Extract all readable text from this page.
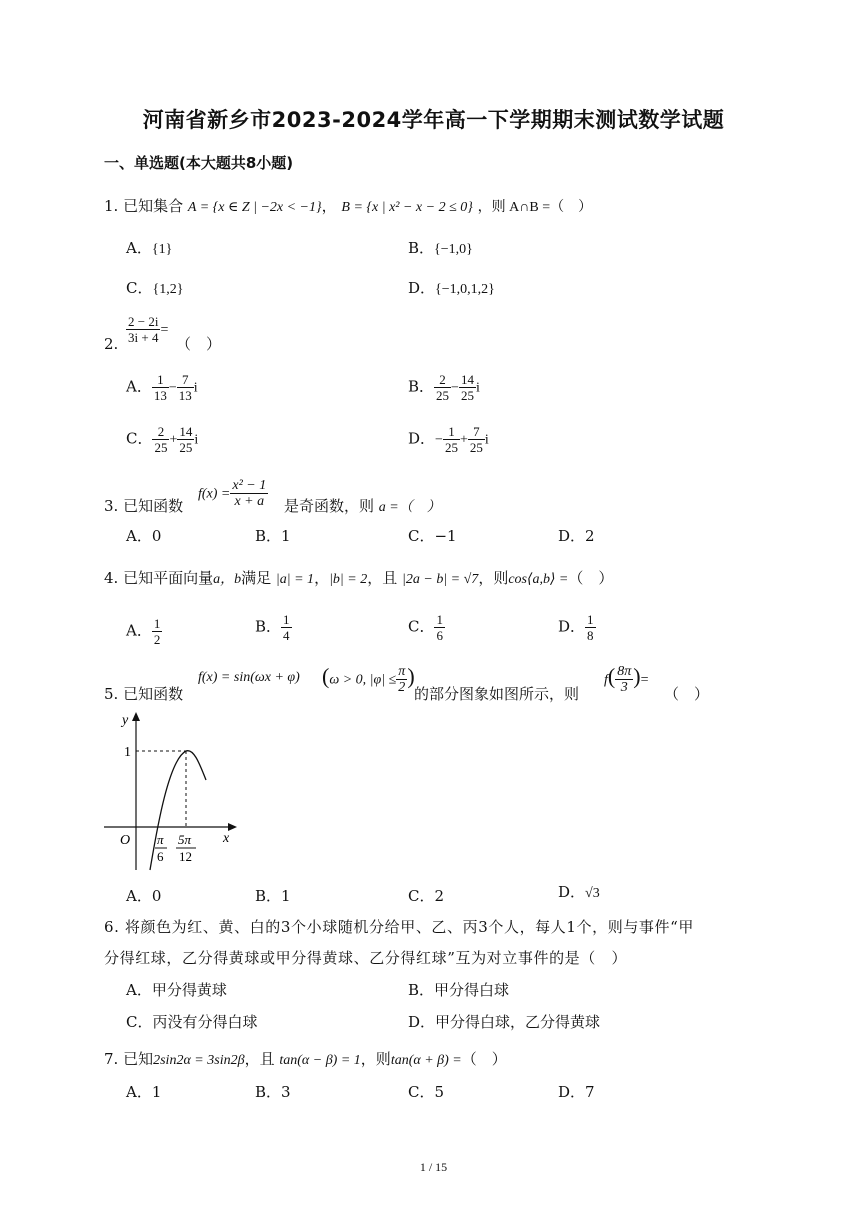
河南省新乡市2023-2024学年高一下学期期末测试数学试题
一、单选题(本大题共8小题)
1. 已知集合 A = {x ∈ Z | −2x < −1}， B = {x | x² − x − 2 ≤ 0} ，则 A∩B =（　）
A．{1}	B．{−1,0}
C．{1,2}	D．{−1,0,1,2}
2. $\frac{2 - 2i}{3i + 4}$ =
（　）
A． $\frac{1}{13} - \frac{7}{13}$ i	B． $\frac{2}{25} - \frac{14}{25}$ i
C． $\frac{2}{25} + \frac{14}{25}$ i	D．− $\frac{1}{25} + \frac{7}{25}$ i
3. 已知函数
$f(x) = \frac{\text{x² − 1}}{x + a}$ 是奇函数，则 a =（　）
A．0	B．1	C．−1	D．2
4. 已知平面向量a，b满足 |a| = 1，|b| = 2，且 |2a − b| = √7，则cos⟨a,b⟩ =（　）
A． $\frac{1}{2}$	B． $\frac{1}{4}$	C． $\frac{1}{6}$	D． $\frac{1}{8}$
5. 已知函数
f(x) = sin(ωx + φ) (ω > 0, $|\varphi| \le \frac{\pi}{2}$ )
的部分图象如图所示，则
$f( \frac{8\pi}{3}$ )=
（　）
y
x
O
1
π
6
5π
12
A．0	B．1	C．2	D．√3
6. 将颜色为红、黄、白的3个小球随机分给甲、乙、丙3个人，每人1个，则与事件“甲
分得红球，乙分得黄球或甲分得黄球、乙分得红球”互为对立事件的是（　）
A．甲分得黄球	B．甲分得白球
C．丙没有分得白球	D．甲分得白球，乙分得黄球
7. 已知2sin2α = 3sin2β，且 tan(α − β) = 1，则tan(α + β) =（　）
A．1	B．3	C．5	D．7
1 / 15
